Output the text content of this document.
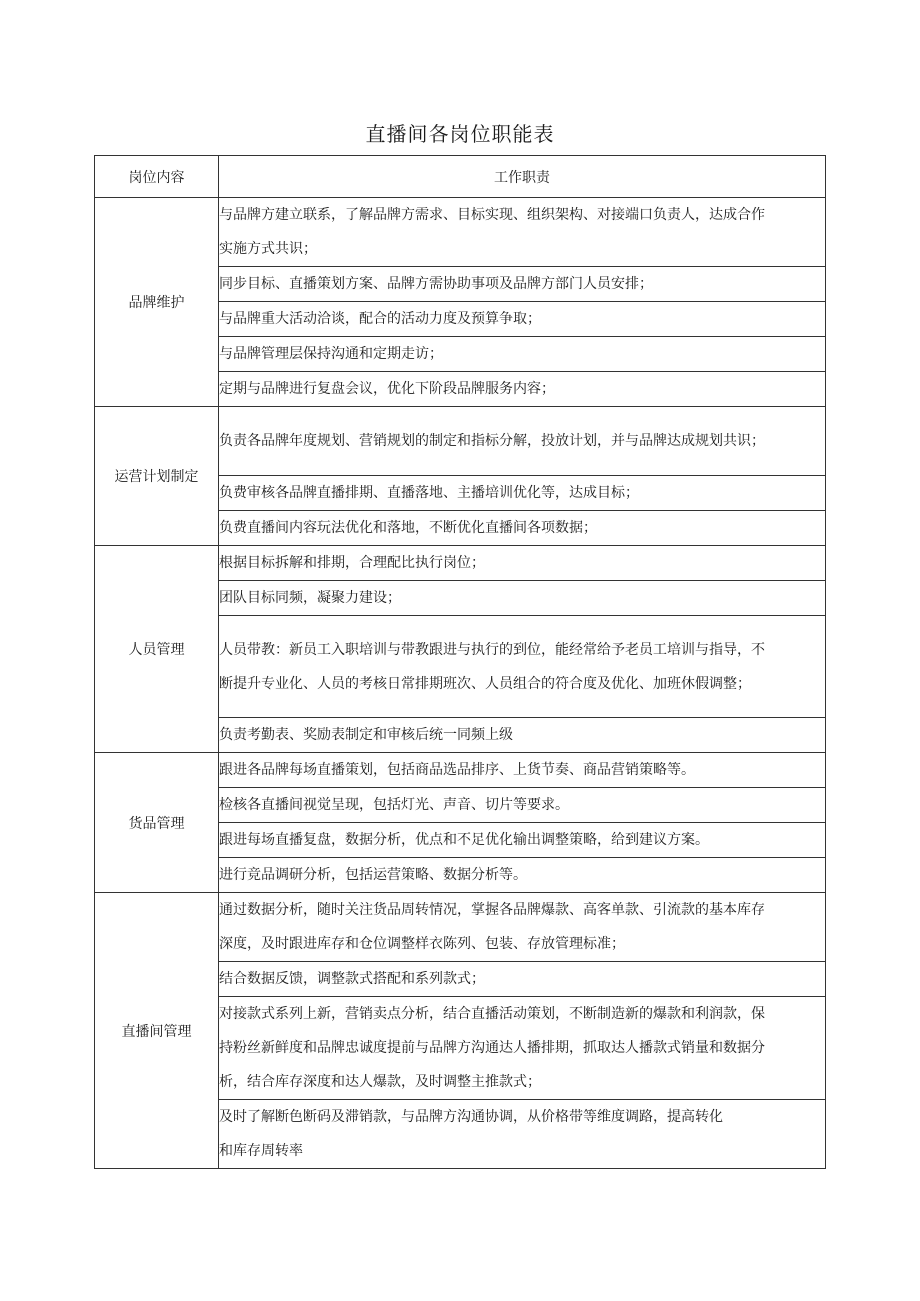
直播间各岗位职能表
岗位内容	工作职责
品牌维护	与品牌方建立联系，了解品牌方需求、目标实现、组织架构、对接端口负责人，达成合作
实施方式共识；

	同步目标、直播策划方案、品牌方需协助事项及品牌方部门人员安排；

	与品牌重大活动洽谈，配合的活动力度及预算争取；

	与品牌管理层保持沟通和定期走访；

	定期与品牌进行复盘会议，优化下阶段品牌服务内容；

运营计划制定	负责各品牌年度规划、营销规划的制定和指标分解，投放计划，并与品牌达成规划共识；

	负费审核各品牌直播排期、直播落地、主播培训优化等，达成目标；

	负费直播间内容玩法优化和落地，不断优化直播间各项数据；

人员管理	根据目标拆解和排期，合理配比执行岗位；

	团队目标同频，凝聚力建设；

	人员带教：新员工入职培训与带教跟进与执行的到位，能经常给予老员工培训与指导，不
断提升专业化、人员的考核日常排期班次、人员组合的符合度及优化、加班休假调整；

	负责考勤表、奖励表制定和审核后统一同频上级

货品管理	跟进各品牌每场直播策划，包括商品选品排序、上货节奏、商品营销策略等。

	检核各直播间视觉呈现，包括灯光、声音、切片等要求。

	跟进每场直播复盘，数据分析，优点和不足优化输出调整策略，给到建议方案。

	进行竞品调研分析，包括运营策略、数据分析等。

直播间管理	通过数据分析，随时关注货品周转情况，掌握各品牌爆款、高客单款、引流款的基本库存
深度，及时跟进库存和仓位调整样衣陈列、包装、存放管理标准；

	结合数据反馈，调整款式搭配和系列款式；

	对接款式系列上新，营销卖点分析，结合直播活动策划，不断制造新的爆款和利润款，保
持粉丝新鲜度和品牌忠诚度提前与品牌方沟通达人播排期，抓取达人播款式销量和数据分
析，结合库存深度和达人爆款，及时调整主推款式；

	及时了解断色断码及滞销款，与品牌方沟通协调，从价格带等维度调路，提高转化
和库存周转率
